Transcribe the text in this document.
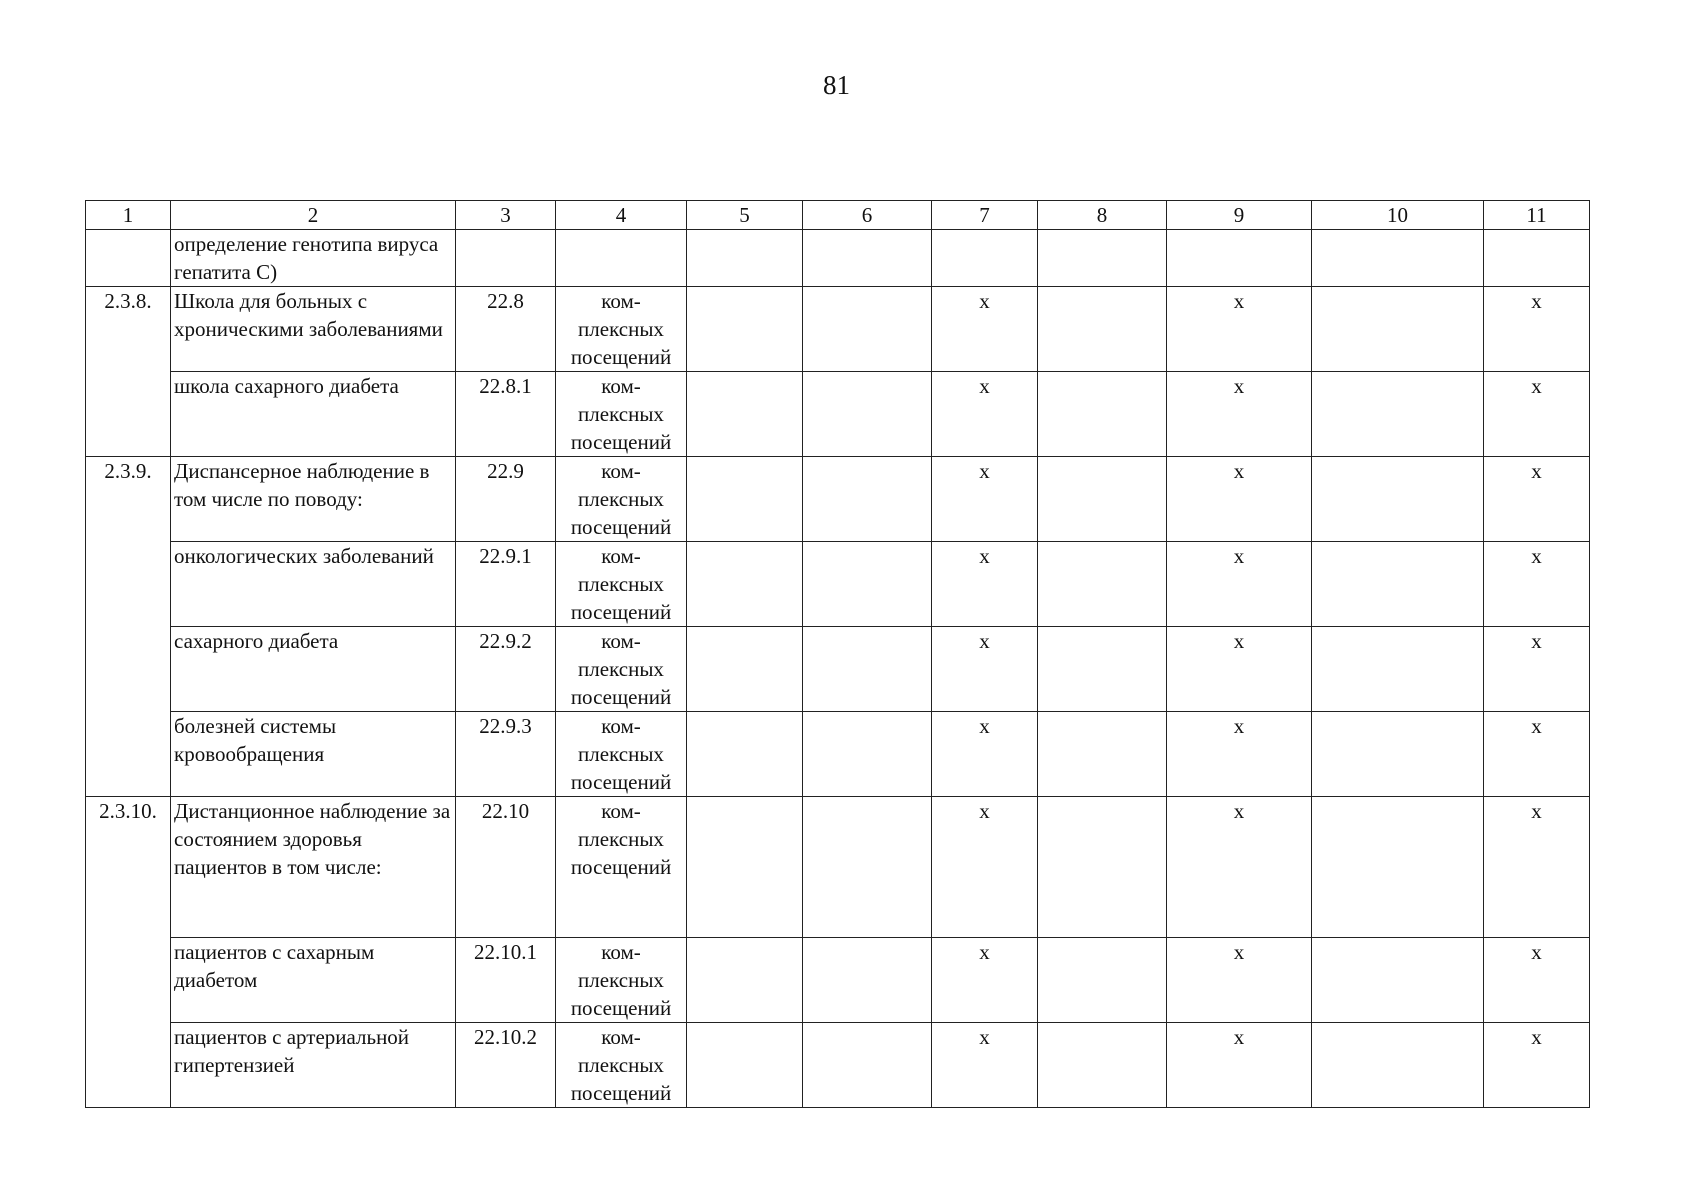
81
1	2	3	4	5	6	7	8	9	10	11
	определение генотипа вируса гепатита С)									
2.3.8.	Школа для больных с хроническими заболеваниями	22.8	ком-плексных посещений			х		х		х
	школа сахарного диабета	22.8.1	ком-плексных посещений			х		х		х
2.3.9.	Диспансерное наблюдение в том числе по поводу:	22.9	ком-плексных посещений			х		х		х
	онкологических заболеваний	22.9.1	ком-плексных посещений			х		х		х
	сахарного диабета	22.9.2	ком-плексных посещений			х		х		х
	болезней системы кровообращения	22.9.3	ком-плексных посещений			х		х		х
2.3.10.	Дистанционное наблюдение за состоянием здоровья пациентов в том числе:	22.10	ком-плексных посещений			х		х		х
	пациентов с сахарным диабетом	22.10.1	ком-плексных посещений			х		х		х
	пациентов с артериальной гипертензией	22.10.2	ком-плексных посещений			х		х		х
